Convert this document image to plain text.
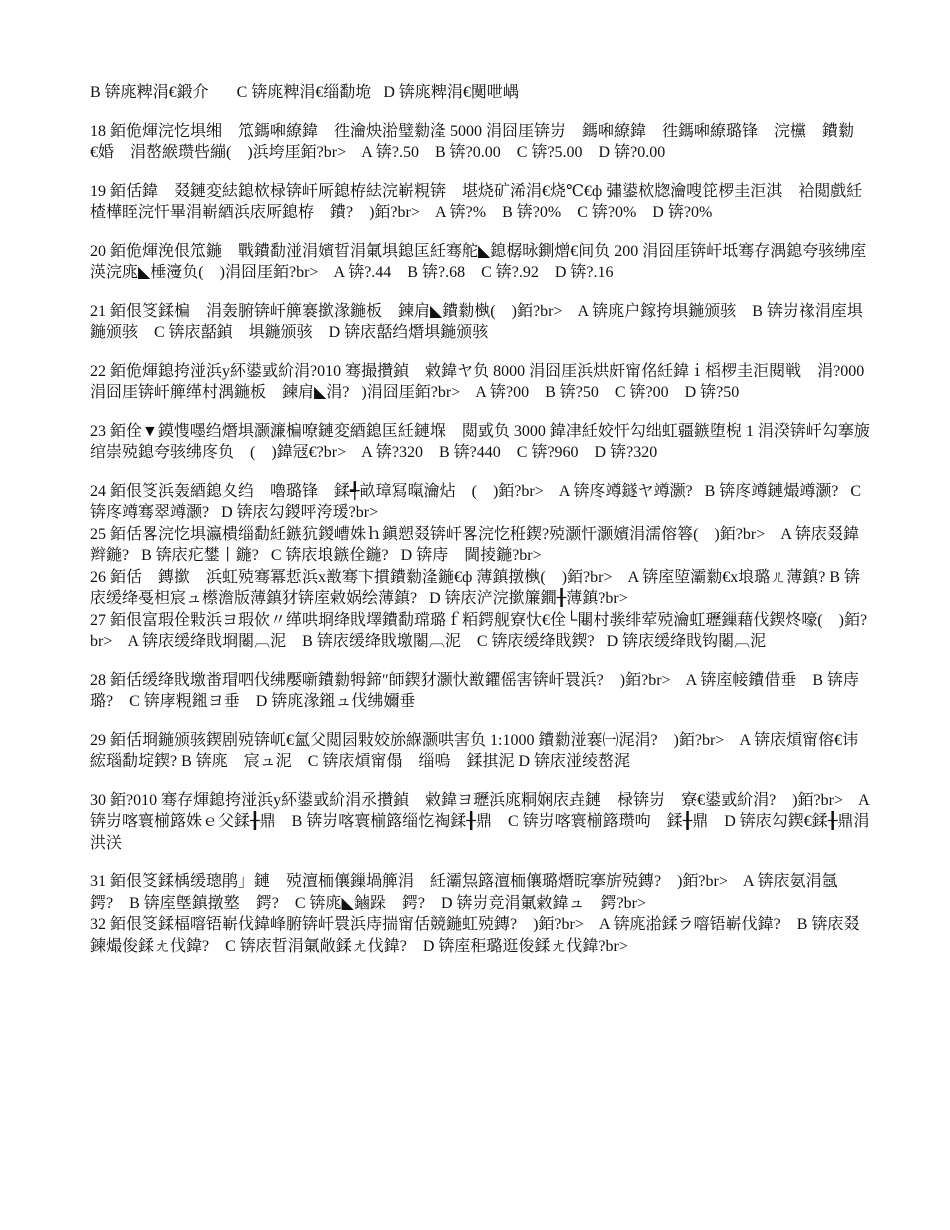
B 锛庣粺涓€鍛介       C 锛庣粺涓€缁勫垝   D 锛庣粺涓€闃呭嵎

18 銆佹煇浣忔埧缃    笟鎷啝繚鍏    徃瀹炴湁璧勬湰 5000 涓囧厓锛岃    鎷啝繚鍏    徃鎷啝繚璐锋    浣欓    鐨勬€婚    涓嶅緱瓒呰繃(    )浜垮厓銆?br>    A 锛?.50    B 锛?0.00    C 锛?5.00    D 锛?0.00

19 銆佸鍏    叕鏈変紶鎴栨椂锛屽厛鎴栫紶浣嶄粯锛    堪烧矿浠涓€烧℃€ф 彇鍙栨牎瀹嗖笓椤圭洰淇    袷閲戲紝楂樺眰浣忓畢涓嶄綇浜庡厛鎴栫    鐨?    )銆?br>    A 锛?%    B 锛?0%    C 锛?0%    D 锛?0%

20 銆佹煇浼佷笟鍦    戰鐨勫湴涓嬪晢涓氭埧鎴匡紝骞舵◣鎴樼昹鍘熷€间负 200 涓囧厓锛屽坻骞存湡鎴夸骇绋庢渶浣庣◣棰濅负(    )涓囧厓銆?br>    A 锛?.44    B 锛?.68    C 锛?.92    D 锛?.16

21 銆佷笅鍒楄    涓轰腑锛屽簲褰撳湪鍦板    鍊肩◣鐨勬槸(    )銆?br>    A 锛庣户鎵挎埧鍦颁骇    B 锛岃禒涓庢埧鍦颁骇    C 锛庡嚭鍞    埧鍦颁骇    D 锛庡嚭绉熸埧鍦颁骇

22 銆佹煇鎴挎湴浜у紑鍙戜紒涓?010 骞撮攢鍞    敹鍏ヤ负 8000 涓囧厓浜烘皯甯佲紝鍏ｉ槄椤圭洰閱戦    涓?000 涓囧厓锛屽簲缂村湡鍦板    鍊肩◣涓?   )涓囧厓銆?br>    A 锛?00    B 锛?50    C 锛?00    D 锛?50

23 銆佺▼鏌愯嚜绉熸埧灏濂楄嘹鏈変綇鎴匡紝鏈堢    閲戜负 3000 鍏冿紝姣忓勾绌虹疆鏃堕棿 1 涓湀锛屽勾搴旇绾崇殑鎴夸骇绋庝负    (    )鍏冦€?br>    A 锛?320    B 锛?440    C 锛?960    D 锛?320

24 銆佷笅浜轰綇鎴夊绉    嚕璐锋    鍒╃畝璋冩暣瀹炶    (    )銆?br>    A 锛庝竴鐩ヤ竴灏?   B 锛庝竴鏈熶竴灏?   C 锛庝竴骞翠竴灏?   D 锛庡勾鍐呯洿瑗?br>

25 銆佸畧浣忔埧瀛樻缁勫紝鏃犺鍐嶆姝ｈ鎭愬叕锛屽畧浣忔秹鍥?殑灏忓灏嬪涓濡傛簭(    )銆?br>    A 锛庡叕鍏辫鍦?   B 锛庡疕鐢丨鍦?   C 锛庡埌鏃佺鍦?   D 锛庤    閫掕鍦?br>

26 銆佸    鏄撳    浜虹殑骞冪悊浜х敾骞卞摜鐨勬湰鍦€ф 薄鎮撴槸(    )銆?br>    A 锛庢埅灞勬€х埌璐ㄦ薄鎮? B 锛庡缓绛戞柦宸ュ櫒澹版薄鎮犲锛庢敹娲绘薄鎮?   D 锛庡浐浣撳簾鐗╂薄鎮?br>

27 銆佷富瑕佺敤浜ヨ瑕佽〃缂哄埛绛戝墿鐨勫瑺璐ｆ粨鍔舰寮忕€佺└闀村彂绯荤殑瀹虹瓑鏁藉伐鍥炵嚎(    )銆?br>    A 锛庡缓绛戝埛闂︹泥    B 锛庡缓绛戝墽闂︹泥    C 锛庡缓绛戝鍥?   D 锛庡缓绛戝钩闂︹泥

28 銆佸缓绛戝墽畨瑁呬伐绋嬮噺鐨勬牳鍗″師鍥犲灏忕敾鑺傜害锛屽睘浜?    )銆?br>    A 锛庢帹鐨借垂    B 锛庤    璐?    C 锛庨粯鎺ヨ垂    D 锛庣湪鎺ュ伐绋嬭垂

29 銆佸埛鍦颁骇鍥剧殑锛屼€氳父閲囩敤姣旀緥灏哄害负 1:1000 鐨勬湴褰㈠浘涓?    )銆?br>    A 锛庡熕甯傛€讳綋瑙勫埞鍥? B 锛庣    宸ュ泥    C 锛庡熕甯傝    缁嗚    鍒掑泥 D 锛庡湴绫嶅浘

30 銆?010 骞存煇鎴挎湴浜у紑鍙戜紒涓氶攢鍞    敹鍏ヨ瓑浜庣粡娴庡垚鏈    椂锛岃    寮€鍙戜紒涓?    )銆?br>    A 锛岃喀寰椾簬姝ｅ父鍒╂鼎    B 锛岃喀寰椾簬缁忔祹鍒╂鼎    C 锛岃喀寰椾簬瓒呴    鍒╂鼎    D 锛庡勾鍥€鍒╂鼎涓洪浂

31 銆佷笅鍒楀缓璁鹃」鏈    殑澶栭儴鏁堝簲涓    紝灞炰簬澶栭儴璐熸晥搴旂殑鏄?    )銆?br>    A 锛庡氨涓氬    鍔?    B 锛庢墍鎮撴墪    鍔?    C 锛庣◣鏀跺    鍔?    D 锛岃竞涓氭敹鍏ュ    鍔?br>

32 銆佷笅鍒楅噾铻嶄伐鍏峰腑锛屽睘浜庤揣甯佸競鍦虹殑鏄?    )銆?br>    A 锛庣湁鍒ラ噾铻嶄伐鍏?    B 锛庡叕鍊熶俊鍒ㄤ伐鍏?    C 锛庡晢涓氭敞鍒ㄤ伐鍏?    D 锛庢秬璐逛俊鍒ㄤ伐鍏?br>
